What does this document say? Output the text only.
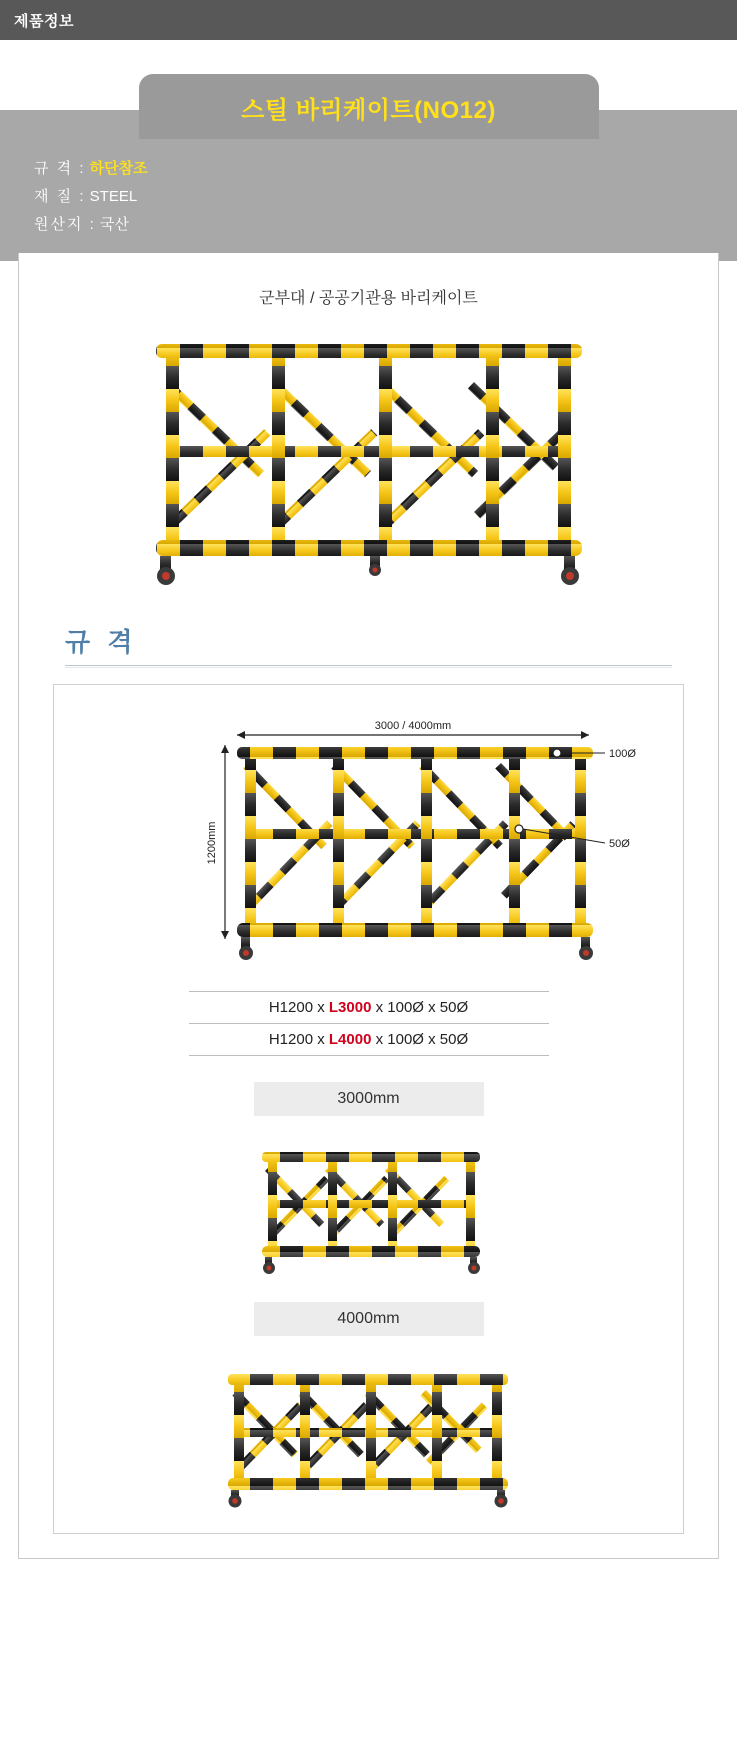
제품정보
스틸 바리케이트(NO12)
규 격 : 하단참조
재 질 : STEEL
원산지 : 국산
군부대 / 공공기관용 바리케이트
규 격
3000 / 4000mm
1200mm
100Ø
50Ø
H1200 x L3000 x 100Ø x 50Ø
H1200 x L4000 x 100Ø x 50Ø
3000mm
4000mm
